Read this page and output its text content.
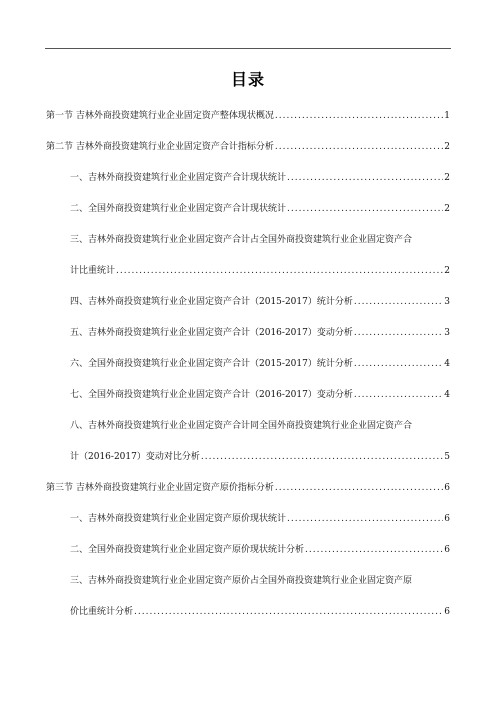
目录
第一节 吉林外商投资建筑行业企业固定资产整体现状概况 .....	1
第二节 吉林外商投资建筑行业企业固定资产合计指标分析 .....	2
一、吉林外商投资建筑行业企业固定资产合计现状统计 .....	2
二、全国外商投资建筑行业企业固定资产合计现状统计 .....	2
三、吉林外商投资建筑行业企业固定资产合计占全国外商投资建筑行业企业固定资产合
计比重统计 .....	2
四、吉林外商投资建筑行业企业固定资产合计（2015-2017）统计分析 .....	3
五、吉林外商投资建筑行业企业固定资产合计（2016-2017）变动分析 .....	3
六、全国外商投资建筑行业企业固定资产合计（2015-2017）统计分析 .....	4
七、全国外商投资建筑行业企业固定资产合计（2016-2017）变动分析 .....	4
八、吉林外商投资建筑行业企业固定资产合计同全国外商投资建筑行业企业固定资产合
计（2016-2017）变动对比分析 .....	5
第三节 吉林外商投资建筑行业企业固定资产原价指标分析 .....	6
一、吉林外商投资建筑行业企业固定资产原价现状统计 .....	6
二、全国外商投资建筑行业企业固定资产原价现状统计分析 .....	6
三、吉林外商投资建筑行业企业固定资产原价占全国外商投资建筑行业企业固定资产原
价比重统计分析 .....	6
